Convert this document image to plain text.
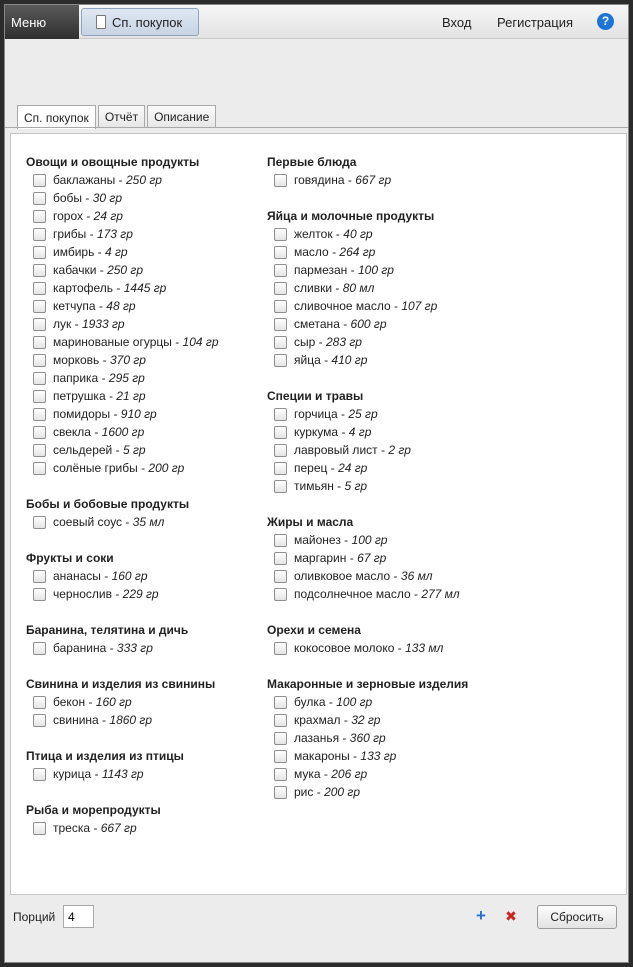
Меню	Сп. покупок	Вход Регистрация	?
Сп. покупок Отчёт Описание
Овощи и овощные продукты
баклажаны - 250 гр
бобы - 30 гр
горох - 24 гр
грибы - 173 гр
имбирь - 4 гр
кабачки - 250 гр
картофель - 1445 гр
кетчупа - 48 гр
лук - 1933 гр
маринованые огурцы - 104 гр
морковь - 370 гр
паприка - 295 гр
петрушка - 21 гр
помидоры - 910 гр
свекла - 1600 гр
сельдерей - 5 гр
солёные грибы - 200 гр
Бобы и бобовые продукты
соевый соус - 35 мл
Фрукты и соки
ананасы - 160 гр
чернослив - 229 гр
Баранина, телятина и дичь
баранина - 333 гр
Свинина и изделия из свинины
бекон - 160 гр
свинина - 1860 гр
Птица и изделия из птицы
курица - 1143 гр
Рыба и морепродукты
треска - 667 гр
Первые блюда
говядина - 667 гр
Яйца и молочные продукты
желток - 40 гр
масло - 264 гр
пармезан - 100 гр
сливки - 80 мл
сливочное масло - 107 гр
сметана - 600 гр
сыр - 283 гр
яйца - 410 гр
Специи и травы
горчица - 25 гр
куркума - 4 гр
лавровый лист - 2 гр
перец - 24 гр
тимьян - 5 гр
Жиры и масла
майонез - 100 гр
маргарин - 67 гр
оливковое масло - 36 мл
подсолнечное масло - 277 мл
Орехи и семена
кокосовое молоко - 133 мл
Макаронные и зерновые изделия
булка - 100 гр
крахмал - 32 гр
лазанья - 360 гр
макароны - 133 гр
мука - 206 гр
рис - 200 гр
Порций
4	+ ✖	Сбросить
